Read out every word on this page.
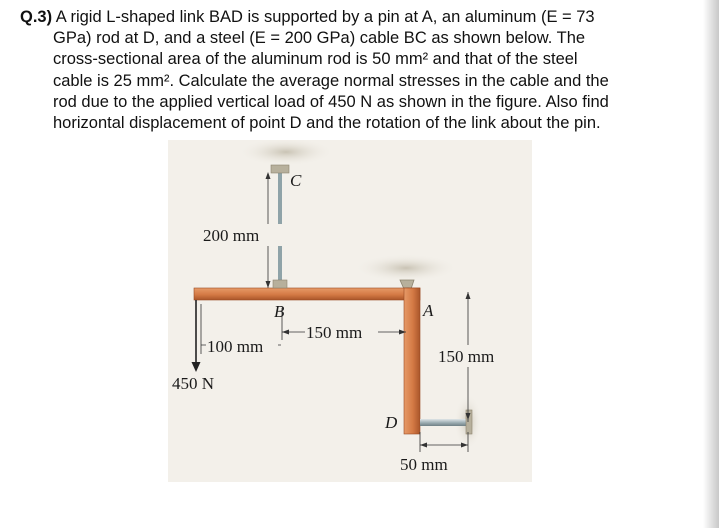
Q.3) A rigid L-shaped link BAD is supported by a pin at A, an aluminum (E = 73
GPa) rod at D, and a steel (E = 200 GPa) cable BC as shown below. The
cross-sectional area of the aluminum rod is 50 mm² and that of the steel
cable is 25 mm². Calculate the average normal stresses in the cable and the
rod due to the applied vertical load of 450 N as shown in the figure. Also find
horizontal displacement of point D and the rotation of the link about the pin.

200 mm
C
B
150 mm
100 mm
450 N
A
150 mm
D
50 mm
